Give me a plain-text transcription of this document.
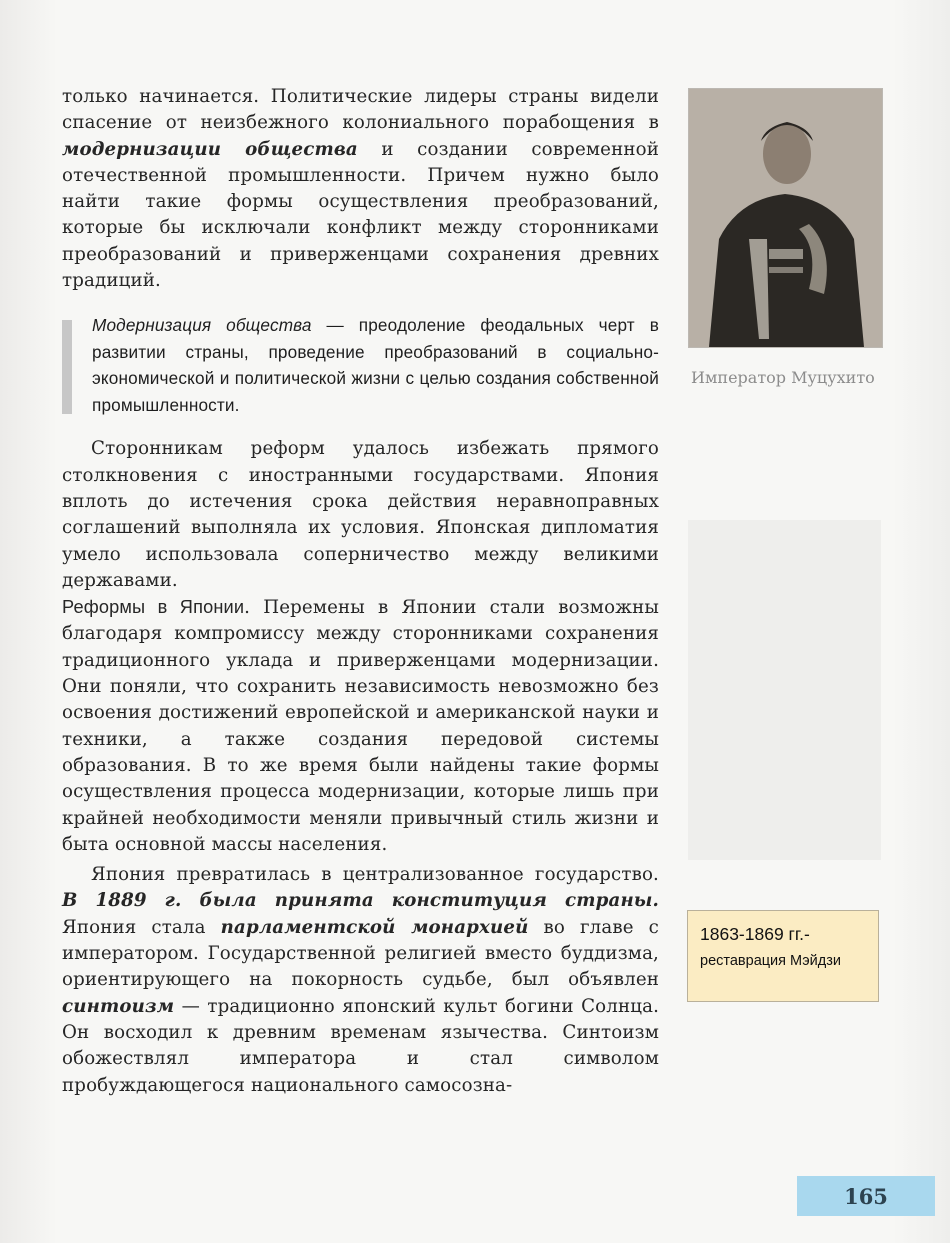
только начинается. Политические лидеры страны видели спасение от неизбежного колониального порабощения в модернизации общества и создании современной отечественной промышленности. Причем нужно было найти такие формы осуществления преобразований, которые бы исключали конфликт между сторонниками преобразований и приверженцами сохранения древних традиций.

Модернизация общества — преодоление феодальных черт в развитии страны, проведение преобразований в социально-экономической и политической жизни с целью создания собственной промышленности.

Сторонникам реформ удалось избежать прямого столкновения с иностранными государствами. Япония вплоть до истечения срока действия неравноправных соглашений выполняла их условия. Японская дипломатия умело использовала соперничество между великими державами.

Реформы в Японии. Перемены в Японии стали возможны благодаря компромиссу между сторонниками сохранения традиционного уклада и приверженцами модернизации. Они поняли, что сохранить независимость невозможно без освоения достижений европейской и американской науки и техники, а также создания передовой системы образования. В то же время были найдены такие формы осуществления процесса модернизации, которые лишь при крайней необходимости меняли привычный стиль жизни и быта основной массы населения.

Япония превратилась в централизованное государство. В 1889 г. была принята конституция страны. Япония стала парламентской монархией во главе с императором. Государственной религией вместо буддизма, ориентирующего на покорность судьбе, был объявлен синтоизм — традиционно японский культ богини Солнца. Он восходил к древним временам язычества. Синтоизм обожествлял императора и стал символом пробуждающегося национального самосозна-

Император Муцухито
1863-1869 гг.-
реставрация Мэйдзи
165
